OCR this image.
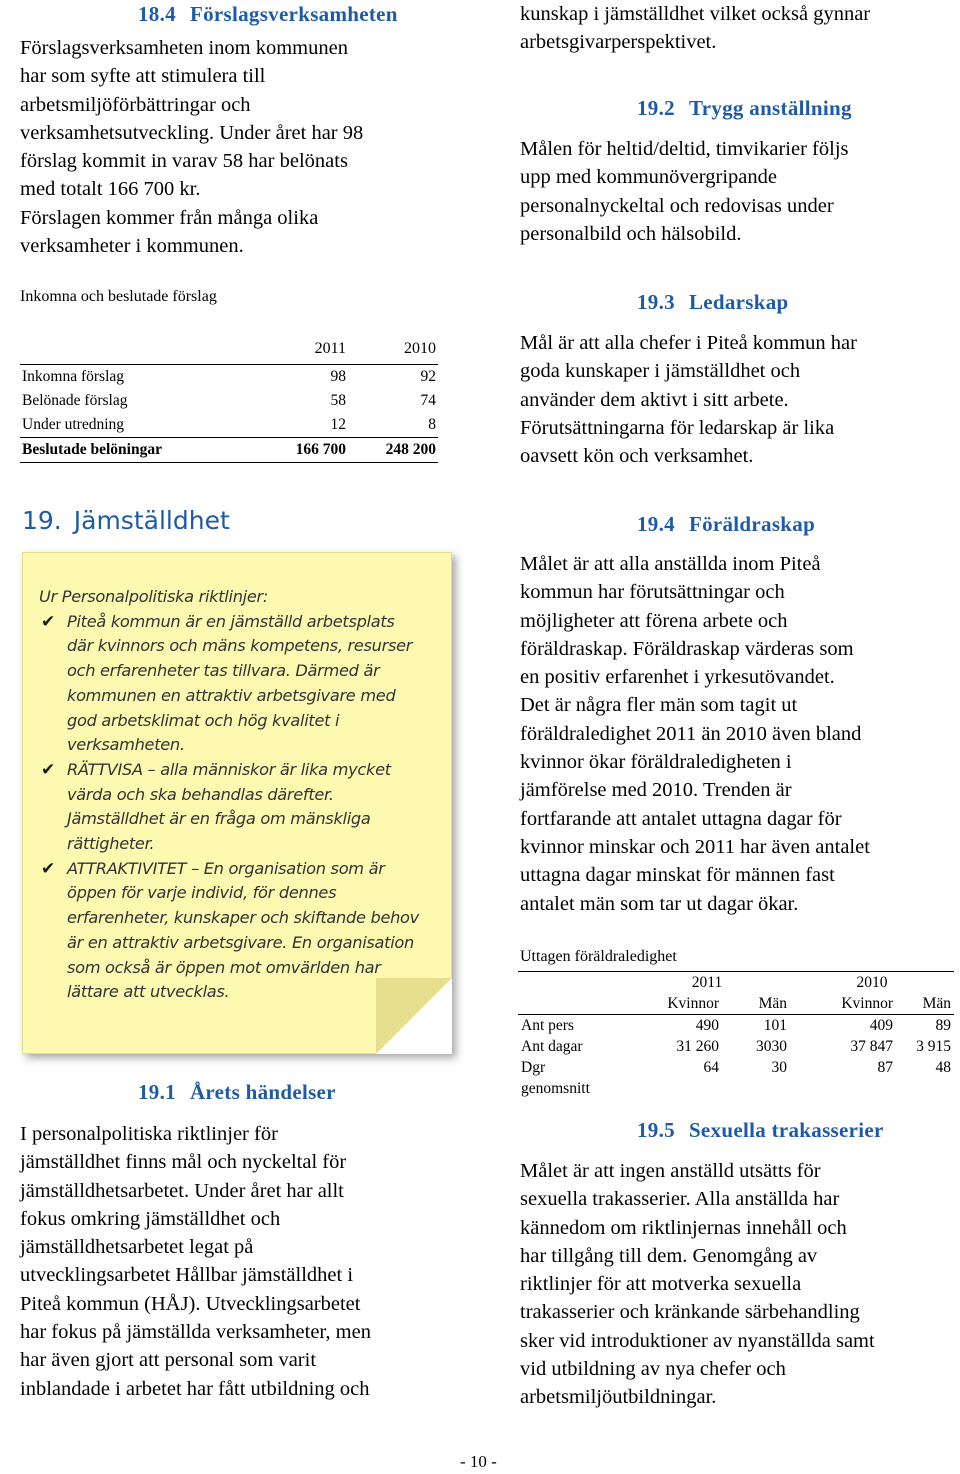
18.4 Förslagsverksamheten

Förslagsverksamheten inom kommunen

har som syfte att stimulera till

arbetsmiljöförbättringar och

verksamhetsutveckling. Under året har 98

förslag kommit in varav 58 har belönats

med totalt 166 700 kr.

Förslagen kommer från många olika

verksamheter i kommunen.

Inkomna och beslutade förslag

	2011	2010
Inkomna förslag	98	92
Belönade förslag	58	74
Under utredning	12	8
Beslutade belöningar	166 700	248 200
19. Jämställdhet
Ur Personalpolitiska riktlinjer:
✔ Piteå kommun är en jämställd arbetsplats
där kvinnors och mäns kompetens, resurser
och erfarenheter tas tillvara. Därmed är
kommunen en attraktiv arbetsgivare med
god arbetsklimat och hög kvalitet i
verksamheten.
✔ RÄTTVISA – alla människor är lika mycket
värda och ska behandlas därefter.
Jämställdhet är en fråga om mänskliga
rättigheter.
✔ ATTRAKTIVITET – En organisation som är
öppen för varje individ, för dennes
erfarenheter, kunskaper och skiftande behov
är en attraktiv arbetsgivare. En organisation
som också är öppen mot omvärlden har
lättare att utvecklas.
19.1 Årets händelser

I personalpolitiska riktlinjer för

jämställdhet finns mål och nyckeltal för

jämställdhetsarbetet. Under året har allt

fokus omkring jämställdhet och

jämställdhetsarbetet legat på

utvecklingsarbetet Hållbar jämställdhet i

Piteå kommun (HÅJ). Utvecklingsarbetet

har fokus på jämställda verksamheter, men

har även gjort att personal som varit

inblandade i arbetet har fått utbildning och

kunskap i jämställdhet vilket också gynnar

arbetsgivarperspektivet.

19.2 Trygg anställning

Målen för heltid/deltid, timvikarier följs

upp med kommunövergripande

personalnyckeltal och redovisas under

personalbild och hälsobild.

19.3 Ledarskap

Mål är att alla chefer i Piteå kommun har

goda kunskaper i jämställdhet och

använder dem aktivt i sitt arbete.

Förutsättningarna för ledarskap är lika

oavsett kön och verksamhet.

19.4 Föräldraskap

Målet är att alla anställda inom Piteå

kommun har förutsättningar och

möjligheter att förena arbete och

föräldraskap. Föräldraskap värderas som

en positiv erfarenhet i yrkesutövandet.

Det är några fler män som tagit ut

föräldraledighet 2011 än 2010 även bland

kvinnor ökar föräldraledigheten i

jämförelse med 2010. Trenden är

fortfarande att antalet uttagna dagar för

kvinnor minskar och 2011 har även antalet

uttagna dagar minskat för männen fast

antalet män som tar ut dagar ökar.

Uttagen föräldraledighet

	2011		2010	
	Kvinnor	Män	Kvinnor	Män
Ant pers	490	101	409	89
Ant dagar	31 260	3030	37 847	3 915
Dgr	64	30	87	48
genomsnitt				
19.5 Sexuella trakasserier

Målet är att ingen anställd utsätts för

sexuella trakasserier. Alla anställda har

kännedom om riktlinjernas innehåll och

har tillgång till dem. Genomgång av

riktlinjer för att motverka sexuella

trakasserier och kränkande särbehandling

sker vid introduktioner av nyanställda samt

vid utbildning av nya chefer och

arbetsmiljöutbildningar.

- 10 -
